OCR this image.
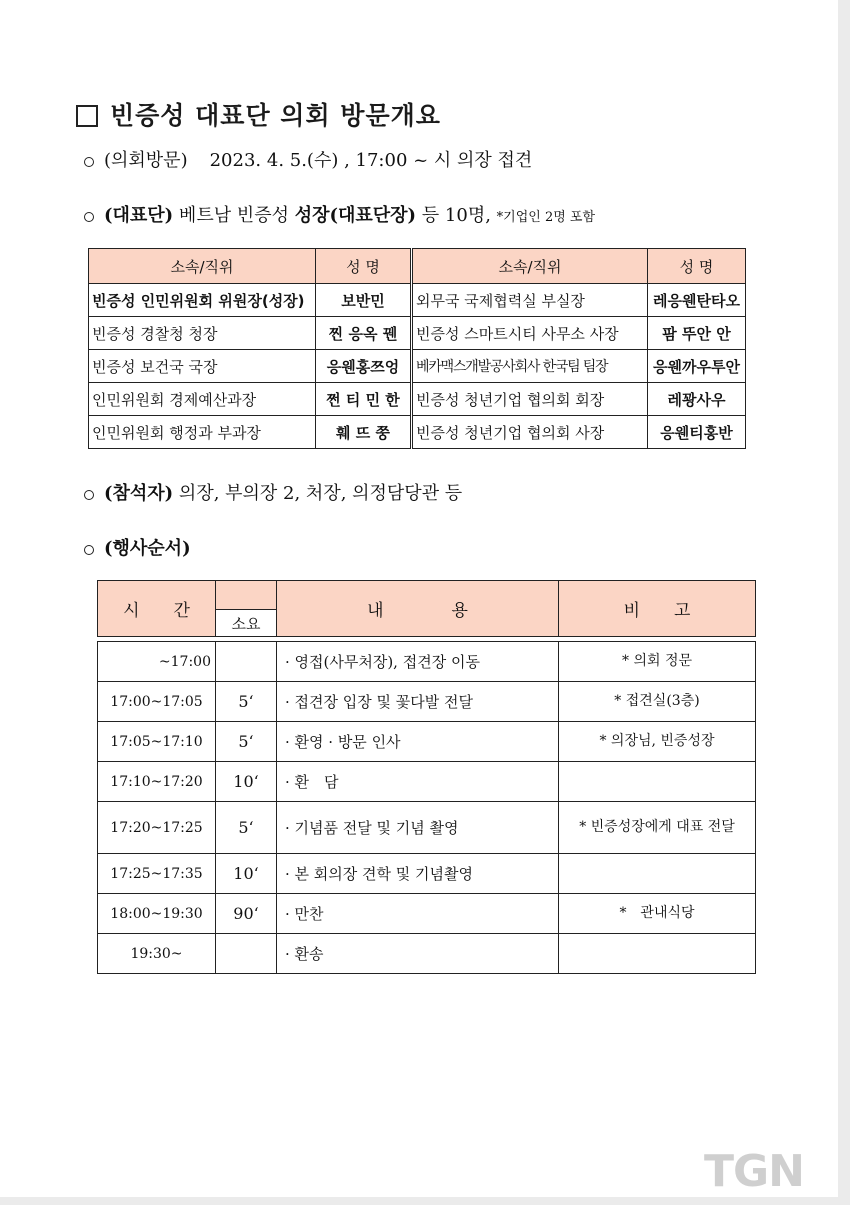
빈증성 대표단 의회 방문개요
(의회방문) 2023. 4. 5.(수) , 17:00 ~ 시 의장 접견
(대표단) 베트남 빈증성 성장(대표단장) 등 10명, *기업인 2명 포함
소속/직위	성 명	소속/직위	성 명
빈증성 인민위원회 위원장(성장)	보반민	외무국 국제협력실 부실장	레응웬탄타오
빈증성 경찰청 청장	찐 응옥 꿴	빈증성 스마트시티 사무소 사장	팜 뚜안 안
빈증성 보건국 국장	응웬홍쯔엉	베카맥스개발공사회사 한국팀 팀장	응웬까우투안
인민위원회 경제예산과장	쩐 티 민 한	빈증성 청년기업 협의회 회장	레꽝사우
인민위원회 행정과 부과장	훼 뜨 쭝	빈증성 청년기업 협의회 사장	응웬티홍반
(참석자) 의장, 부의장 2, 처장, 의정담당관 등
(행사순서)
시　　간		내　　　　용	비　　고
	소요		

~17:00		· 영접(사무처장), 접견장 이동	* 의회 정문
17:00~17:05	5‘	· 접견장 입장 및 꽃다발 전달	* 접견실(3층)
17:05~17:10	5‘	· 환영 · 방문 인사	* 의장님, 빈증성장
17:10~17:20	10‘	· 환　담	
17:20~17:25	5‘	· 기념품 전달 및 기념 촬영	* 빈증성장에게 대표 전달
17:25~17:35	10‘	· 본 회의장 견학 및 기념촬영	
18:00~19:30	90‘	· 만찬	*　관내식당
19:30~		· 환송	
TGN
